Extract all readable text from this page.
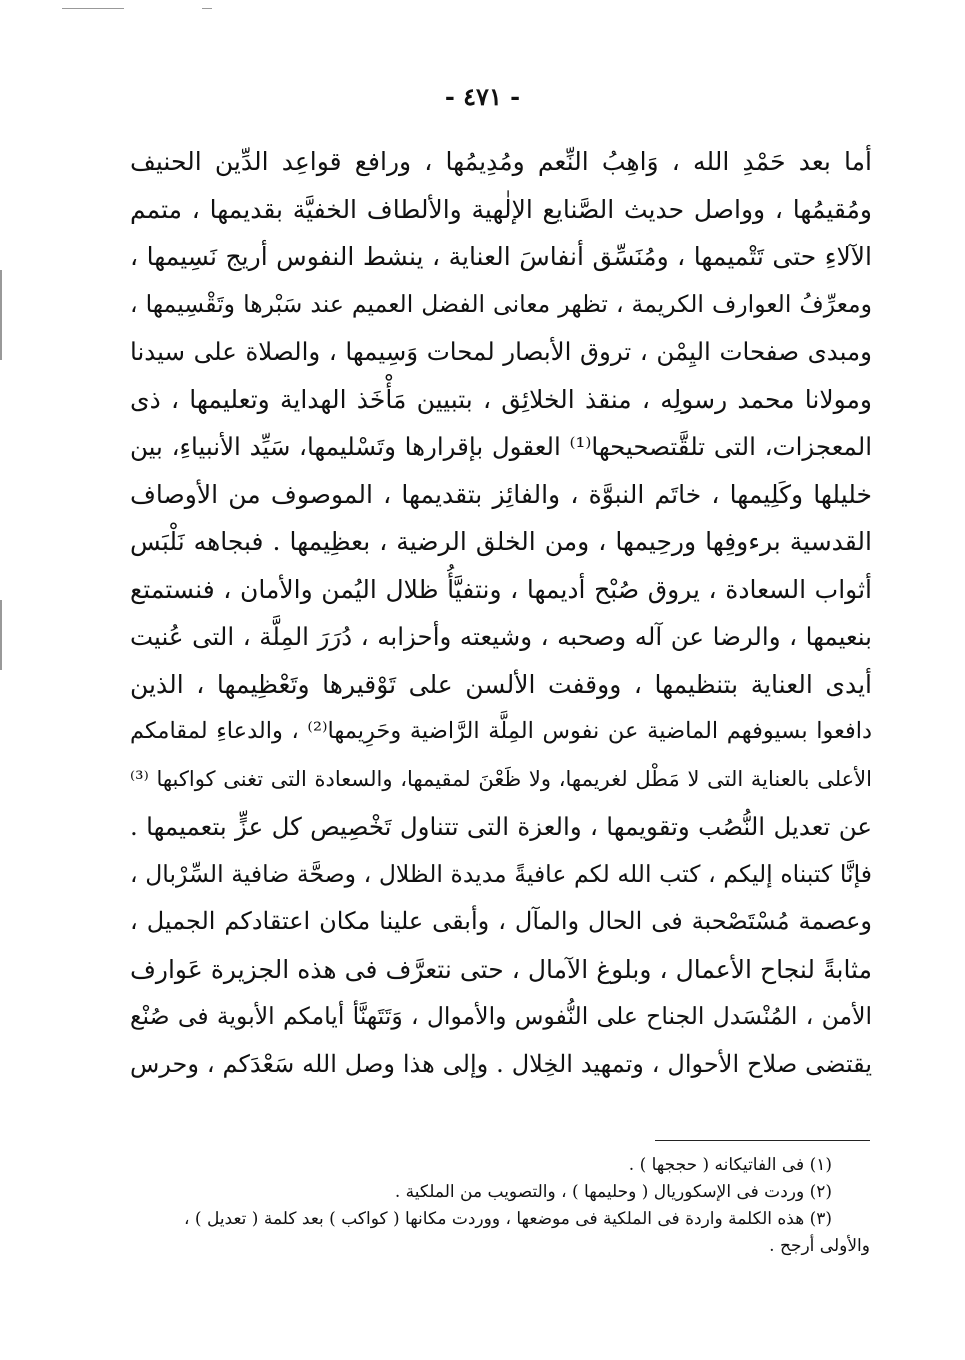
- ٤٧١ -
أما بعد حَمْدِ الله ، وَاهِبُ النِّعم ومُدِيمُها ، ورافع قواعِد الدِّين الحنيف
ومُقيمُها ، وواصل حديث الصَّنايع الإلٰهية والألطاف الخفيَّة بقديمها ، متمم
الآلاءِ حتى تَتْميمها ، ومُنَسِّق أنفاسَ العناية ، ينشط النفوس أريج نَسِيمها ،
ومعرِّفُ العوارف الكريمة ، تظهر معانى الفضل العميم عند سَبْرها وتَقْسِيمها ،
ومبدى صفحات اليِمْن ، تروق الأبصار لمحات وَسِيمها ، والصلاة على سيدنا
ومولانا محمد رسولِه ، منقذ الخلائِق ، بتبيين مَأْخَذ الهداية وتعليمها ، ذى
المعجزات، التى تلقَّتصحيحها⁽¹⁾ العقول بإقرارها وتَسْليمها، سَيِّد الأنبياءِ، بين
خليلها وكَلِيمها ، خاتَم النبوَّة ، والفائِز بتقديمها ، الموصوف من الأوصاف
القدسية برءوفِها ورحِيمها ، ومن الخلق الرضية ، بعظِيمها . فبجاهه نَلْبَس
أثواب السعادة ، يروق صُبْح أديمها ، ونتفيَّأُ ظلال اليُمن والأمان ، فنستمتع
بنعيمها ، والرضا عن آله وصحبه ، وشيعته وأحزابه ، دُرَرَ المِلَّة ، التى عُنيت
أيدى العناية بتنظيمها ، ووقفت الألسن على تَوْقيرها وتَعْظِيمها ، الذين
دافعوا بسيوفهم الماضية عن نفوس المِلَّة الرَّاضية وحَرِيمها⁽²⁾ ، والدعاءِ لمقامكم
الأعلى بالعناية التى لا مَطْل لغريمها، ولا ظَعْنَ لمقيمها، والسعادة التى تغنى كواكبها ⁽³⁾
عن تعديل النُّصُب وتقويمها ، والعزة التى تتناول تَخْصِيص كل عزٍّ بتعميمها .
فإنَّا كتبناه إليكم ، كتب الله لكم عافيةً مديدة الظلال ، وصحَّة ضافية السِّرْبال ،
وعصمة مُسْتَصْحبة فى الحال والمآل ، وأبقى علينا مكان اعتقادكم الجميل ،
مثابةً لنجاح الأعمال ، وبلوغ الآمال ، حتى نتعرَّف فى هذه الجزيرة عَوارف
الأمن ، المُنْسَدل الجناح على النُّفوس والأموال ، وَتَتَهنَّأ أيامكم الأبوية فى صُنْع
يقتضى صلاح الأحوال ، وتمهيد الخِلال . وإلى هذا وصل الله سَعْدَكم ، وحرس
(١) فى الفاتيكانه ( حججها ) .
(٢) وردت فى الإسكوريال ( وحليمها ) ، والتصويب من الملكية .
(٣) هذه الكلمة واردة فى الملكية فى موضعها ، ووردت مكانها ( كواكب ) بعد كلمة ( تعديل ) ،
والأولى أرجح .
